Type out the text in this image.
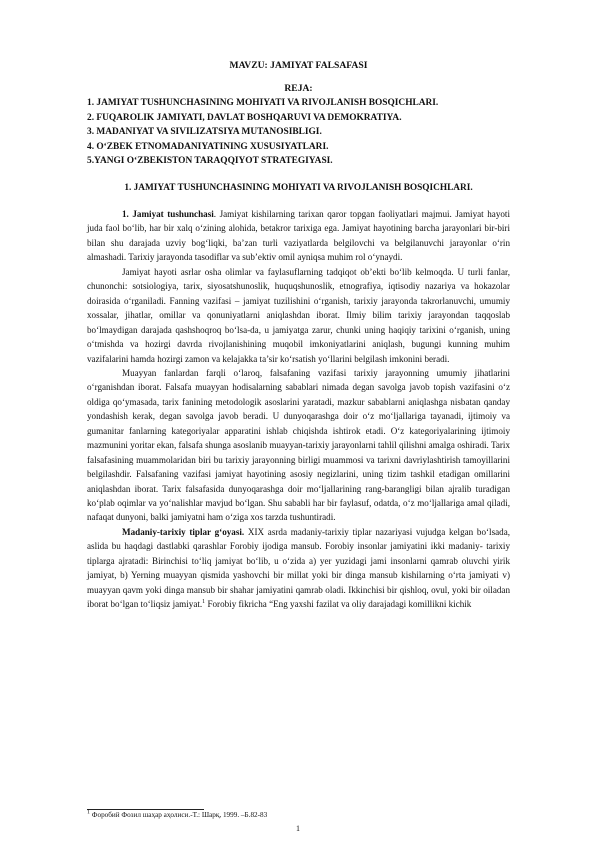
MAVZU: JAMIYAT FALSAFASI
REJA:

1. JAMIYAT TUSHUNCHASINING MOHIYATI VA RIVOJLANISH BOSQICHLARI.

2. FUQAROLIK JAMIYATI, DAVLAT BOSHQARUVI VA DEMOKRATIYA.

3. MADANIYAT VA SIVILIZATSIYA MUTANOSIBLIGI.

4. O‘ZBEK ETNOMADANIYATINING XUSUSIYATLARI.

5.YANGI O‘ZBEKISTON TARAQQIYOT STRATEGIYASI.

1. JAMIYAT TUSHUNCHASINING MOHIYATI VA RIVOJLANISH BOSQICHLARI.

1. Jamiyat tushunchasi. Jamiyat kishilarning tarixan qaror topgan faoliyatlari majmui. Jamiyat hayoti juda faol bo‘lib, har bir xalq o‘zining alohida, betakror tarixiga ega. Jamiyat hayotining barcha jarayonlari bir-biri bilan shu darajada uzviy bog‘liqki, ba’zan turli vaziyatlarda belgilovchi va belgilanuvchi jarayonlar o‘rin almashadi. Tarixiy jarayonda tasodiflar va sub’ektiv omil ayniqsa muhim rol o‘ynaydi.

Jamiyat hayoti asrlar osha olimlar va faylasuflarning tadqiqot ob’ekti bo‘lib kelmoqda. U turli fanlar, chunonchi: sotsiologiya, tarix, siyosatshunoslik, huquqshunoslik, etnografiya, iqtisodiy nazariya va hokazolar doirasida o‘rganiladi. Fanning vazifasi – jamiyat tuzilishini o‘rganish, tarixiy jarayonda takrorlanuvchi, umumiy xossalar, jihatlar, omillar va qonuniyatlarni aniqlashdan iborat. Ilmiy bilim tarixiy jarayondan taqqoslab bo‘lmaydigan darajada qashshoqroq bo‘lsa-da, u jamiyatga zarur, chunki uning haqiqiy tarixini o‘rganish, uning o‘tmishda va hozirgi davrda rivojlanishining muqobil imkoniyatlarini aniqlash, bugungi kunning muhim vazifalarini hamda hozirgi zamon va kelajakka ta’sir ko‘rsatish yo‘llarini belgilash imkonini beradi.

Muayyan fanlardan farqli o‘laroq, falsafaning vazifasi tarixiy jarayonning umumiy jihatlarini o‘rganishdan iborat. Falsafa muayyan hodisalarning sabablari nimada degan savolga javob topish vazifasini o‘z oldiga qo‘ymasada, tarix fanining metodologik asoslarini yaratadi, mazkur sabablarni aniqlashga nisbatan qanday yondashish kerak, degan savolga javob beradi. U dunyoqarashga doir o‘z mo‘ljallariga tayanadi, ijtimoiy va gumanitar fanlarning kategoriyalar apparatini ishlab chiqishda ishtirok etadi. O‘z kategoriyalarining ijtimoiy mazmunini yoritar ekan, falsafa shunga asoslanib muayyan-tarixiy jarayonlarni tahlil qilishni amalga oshiradi. Tarix falsafasining muammolaridan biri bu tarixiy jarayonning birligi muammosi va tarixni davriylashtirish tamoyillarini belgilashdir. Falsafaning vazifasi jamiyat hayotining asosiy negizlarini, uning tizim tashkil etadigan omillarini aniqlashdan iborat. Tarix falsafasida dunyoqarashga doir mo‘ljallarining rang-barangligi bilan ajralib turadigan ko‘plab oqimlar va yo‘nalishlar mavjud bo‘lgan. Shu sababli har bir faylasuf, odatda, o‘z mo‘ljallariga amal qiladi, nafaqat dunyoni, balki jamiyatni ham o‘ziga xos tarzda tushuntiradi.

Madaniy-tarixiy tiplar g‘oyasi. XIX asrda madaniy-tarixiy tiplar nazariyasi vujudga kelgan bo‘lsada, aslida bu haqdagi dastlabki qarashlar Forobiy ijodiga mansub. Forobiy insonlar jamiyatini ikki madaniy- tarixiy tiplarga ajratadi: Birinchisi to‘liq jamiyat bo‘lib, u o‘zida a) yer yuzidagi jami insonlarni qamrab oluvchi yirik jamiyat, b) Yerning muayyan qismida yashovchi bir millat yoki bir dinga mansub kishilarning o‘rta jamiyati v) muayyan qavm yoki dinga mansub bir shahar jamiyatini qamrab oladi. Ikkinchisi bir qishloq, ovul, yoki bir oiladan iborat bo‘lgan to‘liqsiz jamiyat.$^1$ Forobiy fikricha “Eng yaxshi fazilat va oliy darajadagi komillikni kichik

$^1$ Форобий Фозил шаҳар аҳолиси.-Т.: Шарқ, 1999. –Б.82-83
1
